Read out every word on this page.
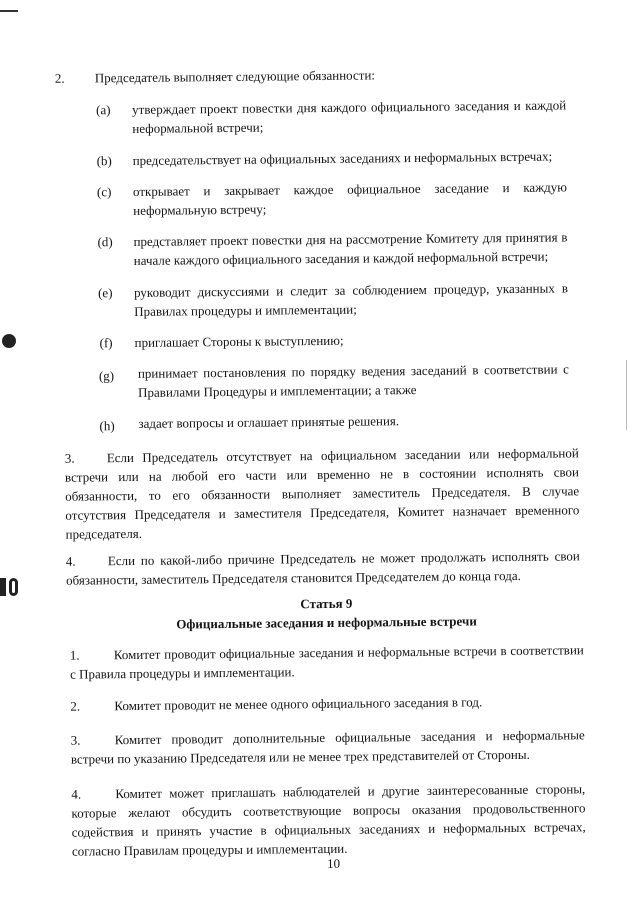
2. Председатель выполняет следующие обязанности:
(a) утверждает проект повестки дня каждого официального заседания и каждой
неформальной встречи;
(b) председательствует на официальных заседаниях и неформальных встречах;
(c) открывает и закрывает каждое официальное заседание и каждую
неформальную встречу;
(d) представляет проект повестки дня на рассмотрение Комитету для принятия в
начале каждого официального заседания и каждой неформальной встречи;
(e) руководит дискуссиями и следит за соблюдением процедур, указанных в
Правилах процедуры и имплементации;
(f) приглашает Стороны к выступлению;
(g) принимает постановления по порядку ведения заседаний в соответствии с
Правилами Процедуры и имплементации; а также
(h) задает вопросы и оглашает принятые решения.
3. Если Председатель отсутствует на официальном заседании или неформальной
встречи или на любой его части или временно не в состоянии исполнять свои
обязанности, то его обязанности выполняет заместитель Председателя. В случае
отсутствия Председателя и заместителя Председателя, Комитет назначает временного
председателя.
4. Если по какой-либо причине Председатель не может продолжать исполнять свои
обязанности, заместитель Председателя становится Председателем до конца года.
Статья 9
Официальные заседания и неформальные встречи
1.	Комитет проводит официальные заседания и неформальные встречи в соответствии
с Правила процедуры и имплементации.
2.	Комитет проводит не менее одного официального заседания в год.
3.	Комитет проводит дополнительные официальные заседания и неформальные
встречи по указанию Председателя или не менее трех представителей от Стороны.
4.	Комитет может приглашать наблюдателей и другие заинтересованные стороны,
которые желают обсудить соответствующие вопросы оказания продовольственного
содействия и принять участие в официальных заседаниях и неформальных встречах,
согласно Правилам процедуры и имплементации.
10
